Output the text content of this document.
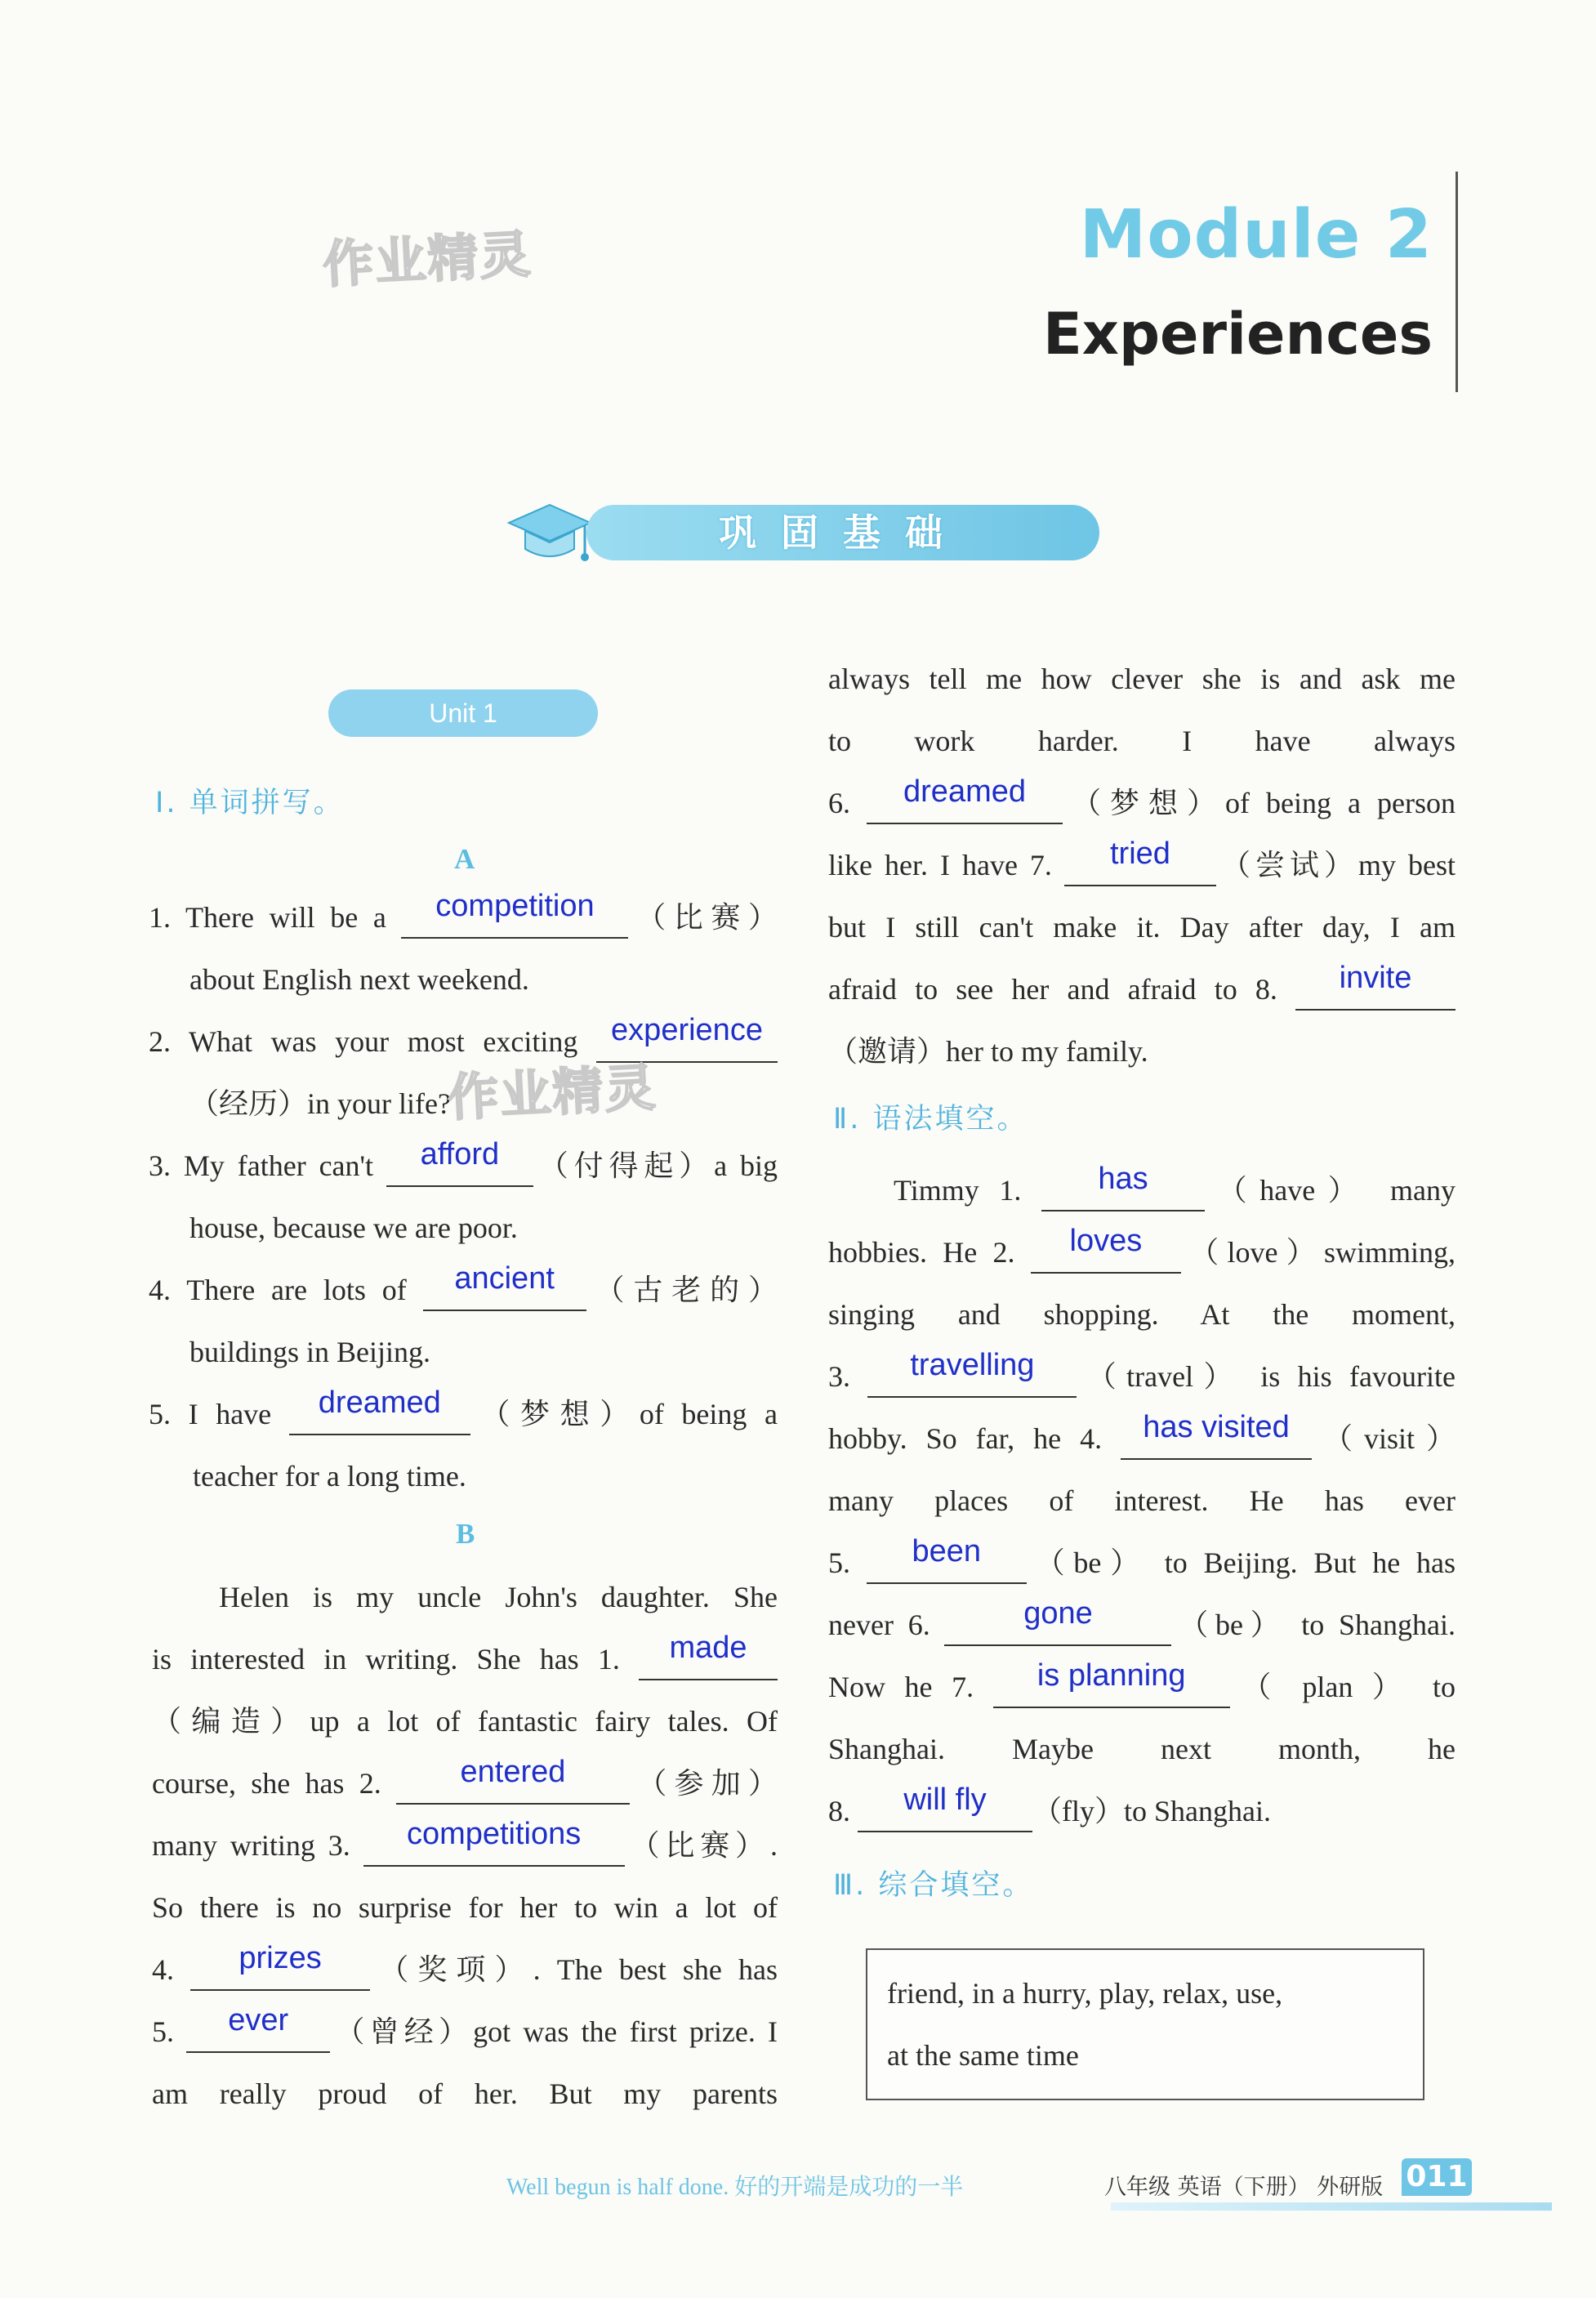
作业精灵	Module 2
Experiences
巩固基础
Unit 1
Ⅰ. 单词拼写。
A
1. There will be a competition （比赛）
about English next weekend.
2. What was your most exciting experience
（经历）in your life?
作业精灵
3. My father can't afford （付得起）a big
house, because we are poor.
4. There are lots of ancient （古老的）
buildings in Beijing.
5. I have dreamed （梦想）of being a
teacher for a long time.
B
Helen is my uncle John's daughter. She
is interested in writing. She has 1. made
（编造）up a lot of fantastic fairy tales. Of
course, she has 2.	entered （参加）
many writing 3. competitions （比赛）.
So there is no surprise for her to win a lot of
4. prizes （奖项）. The best she has
5. ever （曾经）got was the first prize. I
am really proud of her. But my parents
always tell me how clever she is and ask me
to work harder. I have always
6. dreamed （梦想）of being a person
like her. I have 7. tried （尝试）my best
but I still can't make it. Day after day, I am
afraid to see her and afraid to 8. invite
（邀请）her to my family.
Ⅱ. 语法填空。
Timmy 1. has （have） many
hobbies. He 2. loves （love）swimming,
singing and shopping. At the moment,
3. travelling （travel） is his favourite
hobby. So far, he 4. has visited （visit）
many places of interest. He has ever
5. been （be） to Beijing. But he has
never 6.	gone	（be） to Shanghai.
Now he 7. is planning （ plan ） to
Shanghai. Maybe next month, he
8. will fly （fly）to Shanghai.
Ⅲ. 综合填空。
friend, in a hurry, play, relax, use,
at the same time
Well begun is half done. 好的开端是成功的一半	八年级 英语（下册） 外研版 011
